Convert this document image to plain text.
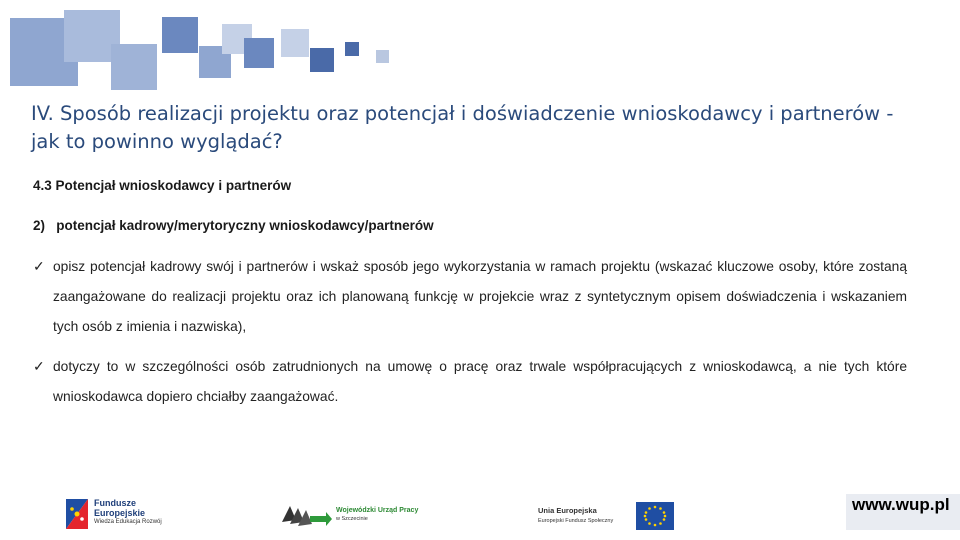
IV. Sposób realizacji projektu oraz potencjał i doświadczenie wnioskodawcy i partnerów - jak to powinno wyglądać?
4.3 Potencjał wnioskodawcy i partnerów
2)   potencjał kadrowy/merytoryczny wnioskodawcy/partnerów
✓ opisz potencjał kadrowy swój i partnerów i wskaż sposób jego wykorzystania w ramach projektu (wskazać kluczowe osoby, które zostaną zaangażowane do realizacji projektu oraz ich planowaną funkcję w projekcie wraz z syntetycznym opisem doświadczenia i wskazaniem tych osób z imienia i nazwiska),
✓ dotyczy to w szczególności osób zatrudnionych na umowę o pracę oraz trwale współpracujących z wnioskodawcą, a nie tych które wnioskodawca dopiero chciałby zaangażować.
Fundusze
Europejskie
Wiedza Edukacja Rozwój
Wojewódzki Urząd Pracy
w Szczecinie
Unia Europejska
Europejski Fundusz Społeczny
www.wup.pl
